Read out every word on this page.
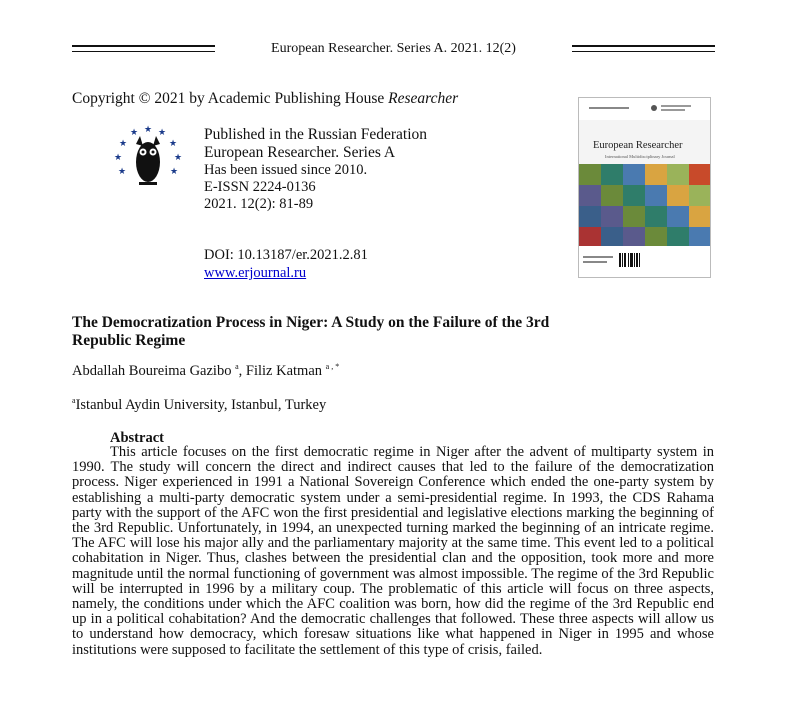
European Researcher. Series A. 2021. 12(2)
Copyright © 2021 by Academic Publishing House Researcher
★
★ ★
★	★
★	★
★	★
Published in the Russian Federation
European Researcher. Series A
Has been issued since 2010.
E-ISSN 2224-0136
2021. 12(2): 81-89
DOI: 10.13187/er.2021.2.81
www.erjournal.ru
European Researcher
International Multidisciplinary Journal
The Democratization Process in Niger: A Study on the Failure of the 3rd Republic Regime
Abdallah Boureima Gazibo $^a$, Filiz Katman $^{a , *}$
$^a$Istanbul Aydin University, Istanbul, Turkey
Abstract

This article focuses on the first democratic regime in Niger after the advent of multiparty system in 1990. The study will concern the direct and indirect causes that led to the failure of the democratization process. Niger experienced in 1991 a National Sovereign Conference which ended the one-party system by establishing a multi-party democratic system under a semi-presidential regime. In 1993, the CDS Rahama party with the support of the AFC won the first presidential and legislative elections marking the beginning of the 3rd Republic. Unfortunately, in 1994, an unexpected turning marked the beginning of an intricate regime. The AFC will lose his major ally and the parliamentary majority at the same time. This event led to a political cohabitation in Niger. Thus, clashes between the presidential clan and the opposition, took more and more magnitude until the normal functioning of government was almost impossible. The regime of the 3rd Republic will be interrupted in 1996 by a military coup. The problematic of this article will focus on three aspects, namely, the conditions under which the AFC coalition was born, how did the regime of the 3rd Republic end up in a political cohabitation? And the democratic challenges that followed. These three aspects will allow us to understand how democracy, which foresaw situations like what happened in Niger in 1995 and whose institutions were supposed to facilitate the settlement of this type of crisis, failed.
